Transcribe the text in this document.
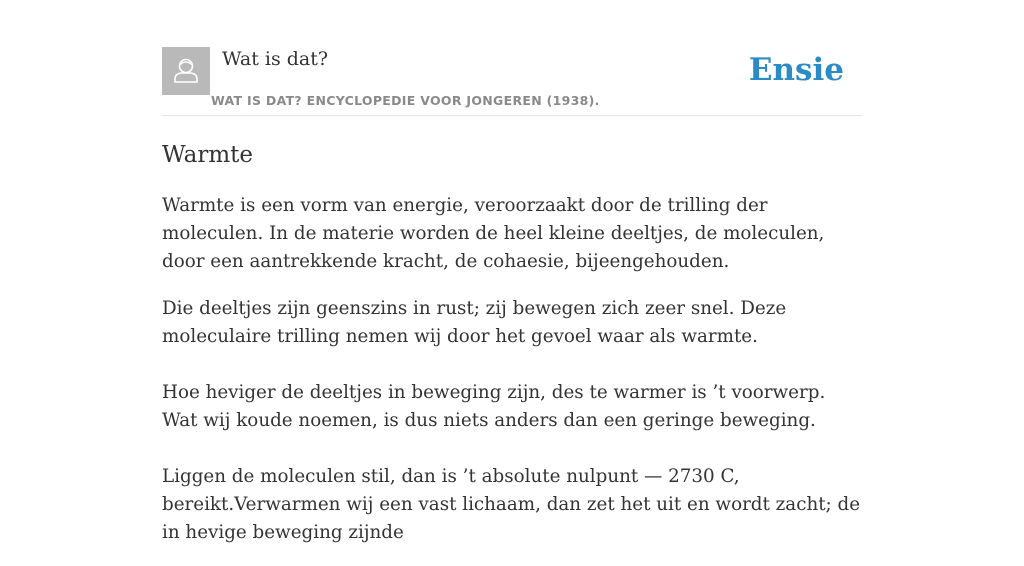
Wat is dat?
WAT IS DAT? ENCYCLOPEDIE VOOR JONGEREN (1938).
Ensie
Warmte

Warmte is een vorm van energie, veroorzaakt door de trilling der moleculen. In de materie worden de heel kleine deeltjes, de moleculen, door een aantrekkende kracht, de cohaesie, bijeengehouden.

Die deeltjes zijn geenszins in rust; zij bewegen zich zeer snel. Deze moleculaire trilling nemen wij door het gevoel waar als warmte.

Hoe heviger de deeltjes in beweging zijn, des te warmer is ’t voorwerp. Wat wij koude noemen, is dus niets anders dan een geringe beweging.

Liggen de moleculen stil, dan is ’t absolute nulpunt — 2730 C, bereikt.Verwarmen wij een vast lichaam, dan zet het uit en wordt zacht; de in hevige beweging zijnde
